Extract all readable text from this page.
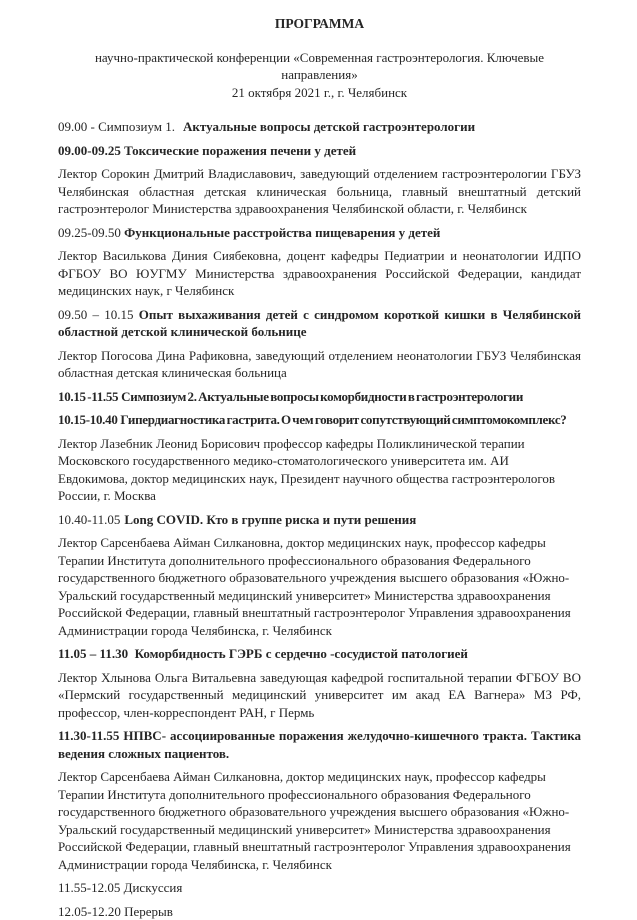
ПРОГРАММА

научно-практической конференции «Современная гастроэнтерология. Ключевые направления»
21 октября 2021 г., г. Челябинск

09.00 - Симпозиум 1. Актуальные вопросы детской гастроэнтерологии

09.00-09.25 Токсические поражения печени у детей

Лектор Сорокин Дмитрий Владиславович, заведующий отделением гастроэнтерологии ГБУЗ Челябинская областная детская клиническая больница, главный внештатный детский гастроэнтеролог Министерства здравоохранения Челябинской области, г. Челябинск

09.25-09.50 Функциональные расстройства пищеварения у детей

Лектор Василькова Диния Сиябековна, доцент кафедры Педиатрии и неонатологии ИДПО ФГБОУ ВО ЮУГМУ Министерства здравоохранения Российской Федерации, кандидат медицинских наук, г Челябинск

09.50 – 10.15 Опыт выхаживания детей с синдромом короткой кишки в Челябинской областной детской клинической больнице

Лектор Погосова Дина Рафиковна, заведующий отделением неонатологии ГБУЗ Челябинская областная детская клиническая больница

10.15 -11.55  Симпозиум 2. Актуальные вопросы коморбидности в гастроэнтерологии

10.15-10.40  Гипердиагностика гастрита. О чем говорит сопутствующий симптомокомплекс?

Лектор Лазебник Леонид Борисович профессор кафедры Поликлинической терапии Московского государственного медико-стоматологического университета им. АИ Евдокимова, доктор медицинских наук, Президент научного общества гастроэнтерологов России, г. Москва

10.40-11.05 Long COVID. Кто в группе риска и пути решения

Лектор Сарсенбаева Айман Силкановна, доктор медицинских наук, профессор кафедры Терапии Института дополнительного профессионального образования Федерального государственного бюджетного образовательного учреждения высшего образования «Южно-Уральский государственный медицинский университет» Министерства здравоохранения Российской Федерации, главный внештатный гастроэнтеролог Управления здравоохранения Администрации города Челябинска, г. Челябинск

11.05 – 11.30  Коморбидность ГЭРБ с сердечно -сосудистой патологией

Лектор Хлынова Ольга Витальевна заведующая кафедрой госпитальной терапии ФГБОУ ВО «Пермский государственный медицинский университет им акад ЕА Вагнера» МЗ РФ, профессор, член-корреспондент РАН, г Пермь

11.30-11.55 НПВС- ассоциированные поражения желудочно-кишечного тракта. Тактика ведения сложных пациентов.

Лектор Сарсенбаева Айман Силкановна, доктор медицинских наук, профессор кафедры Терапии Института дополнительного профессионального образования Федерального государственного бюджетного образовательного учреждения высшего образования «Южно-Уральский государственный медицинский университет» Министерства здравоохранения Российской Федерации, главный внештатный гастроэнтеролог Управления здравоохранения Администрации города Челябинска, г. Челябинск

11.55-12.05 Дискуссия

12.05-12.20 Перерыв
